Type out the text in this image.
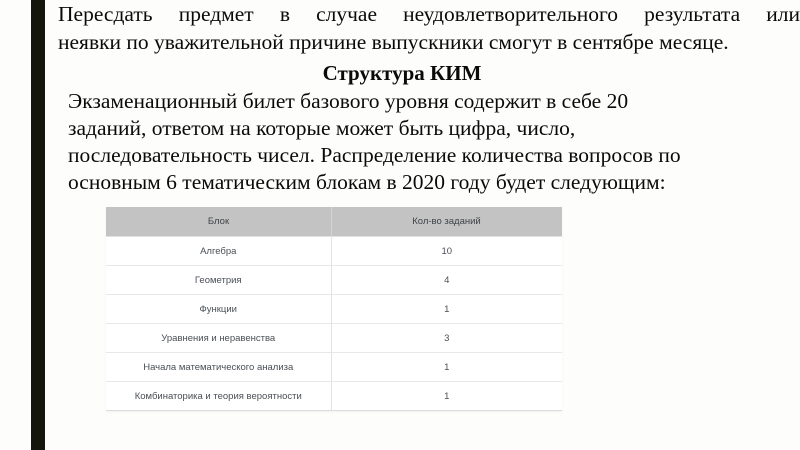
Пересдать предмет в случае неудовлетворительного результата или
неявки по уважительной причине выпускники смогут в сентябре месяце.

Структура КИМ

Экзаменационный билет базового уровня содержит в себе 20
заданий, ответом на которые может быть цифра, число,
последовательность чисел. Распределение количества вопросов по
основным 6 тематическим блокам в 2020 году будет следующим:

Блок	Кол-во заданий
Алгебра	10
Геометрия	4
Функции	1
Уравнения и неравенства	3
Начала математического анализа	1
Комбинаторика и теория вероятности	1
